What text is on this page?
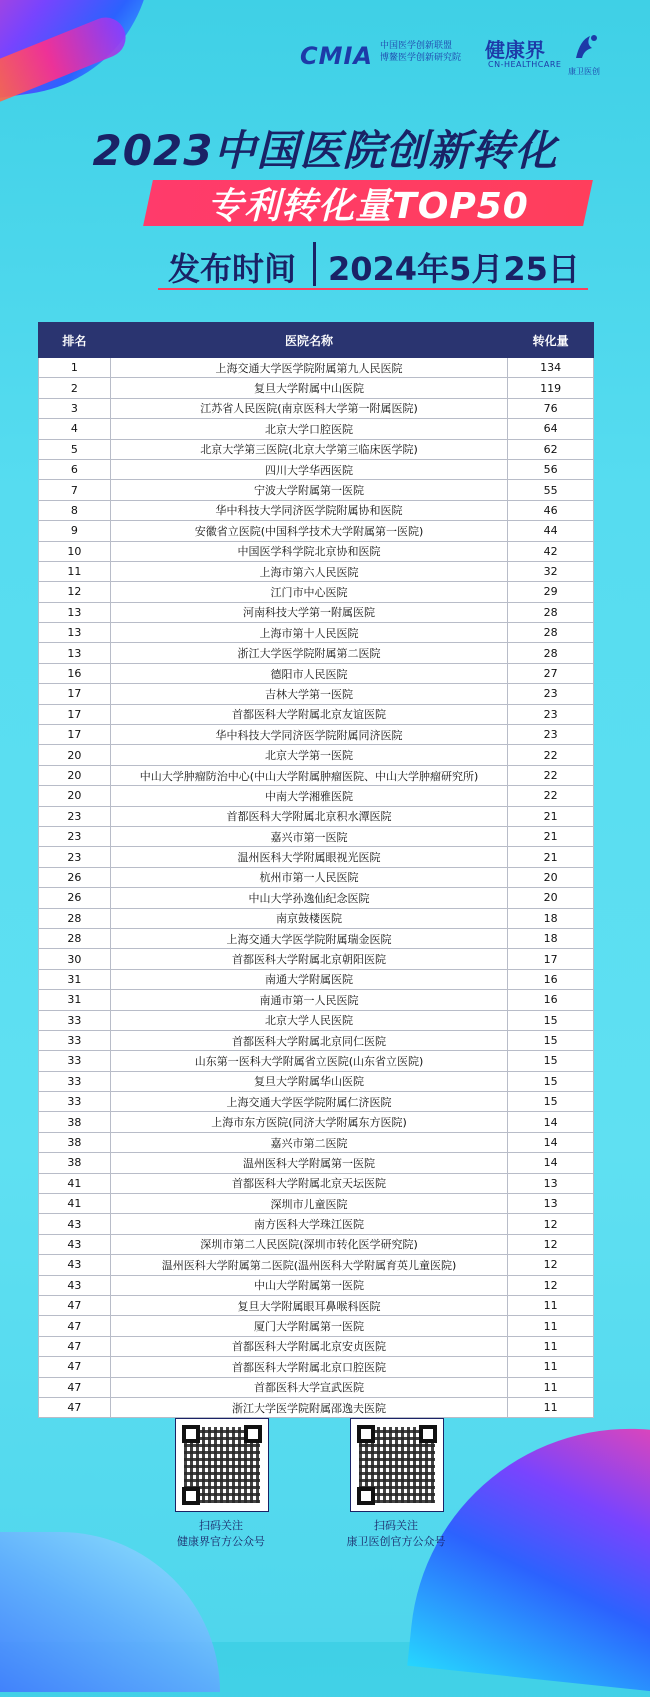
CMIA 中国医学创新联盟
博鳌医学创新研究院 健康界
CN-HEALTHCARE
康卫医创
2023中国医院创新转化
专利转化量TOP50
发布时间 2024年5月25日
排名	医院名称	转化量
1	上海交通大学医学院附属第九人民医院	134
2	复旦大学附属中山医院	119
3	江苏省人民医院(南京医科大学第一附属医院)	76
4	北京大学口腔医院	64
5	北京大学第三医院(北京大学第三临床医学院)	62
6	四川大学华西医院	56
7	宁波大学附属第一医院	55
8	华中科技大学同济医学院附属协和医院	46
9	安徽省立医院(中国科学技术大学附属第一医院)	44
10	中国医学科学院北京协和医院	42
11	上海市第六人民医院	32
12	江门市中心医院	29
13	河南科技大学第一附属医院	28
13	上海市第十人民医院	28
13	浙江大学医学院附属第二医院	28
16	德阳市人民医院	27
17	吉林大学第一医院	23
17	首都医科大学附属北京友谊医院	23
17	华中科技大学同济医学院附属同济医院	23
20	北京大学第一医院	22
20	中山大学肿瘤防治中心(中山大学附属肿瘤医院、中山大学肿瘤研究所)	22
20	中南大学湘雅医院	22
23	首都医科大学附属北京积水潭医院	21
23	嘉兴市第一医院	21
23	温州医科大学附属眼视光医院	21
26	杭州市第一人民医院	20
26	中山大学孙逸仙纪念医院	20
28	南京鼓楼医院	18
28	上海交通大学医学院附属瑞金医院	18
30	首都医科大学附属北京朝阳医院	17
31	南通大学附属医院	16
31	南通市第一人民医院	16
33	北京大学人民医院	15
33	首都医科大学附属北京同仁医院	15
33	山东第一医科大学附属省立医院(山东省立医院)	15
33	复旦大学附属华山医院	15
33	上海交通大学医学院附属仁济医院	15
38	上海市东方医院(同济大学附属东方医院)	14
38	嘉兴市第二医院	14
38	温州医科大学附属第一医院	14
41	首都医科大学附属北京天坛医院	13
41	深圳市儿童医院	13
43	南方医科大学珠江医院	12
43	深圳市第二人民医院(深圳市转化医学研究院)	12
43	温州医科大学附属第二医院(温州医科大学附属育英儿童医院)	12
43	中山大学附属第一医院	12
47	复旦大学附属眼耳鼻喉科医院	11
47	厦门大学附属第一医院	11
47	首都医科大学附属北京安贞医院	11
47	首都医科大学附属北京口腔医院	11
47	首都医科大学宣武医院	11
47	浙江大学医学院附属邵逸夫医院	11
扫码关注
健康界官方公众号
扫码关注
康卫医创官方公众号
